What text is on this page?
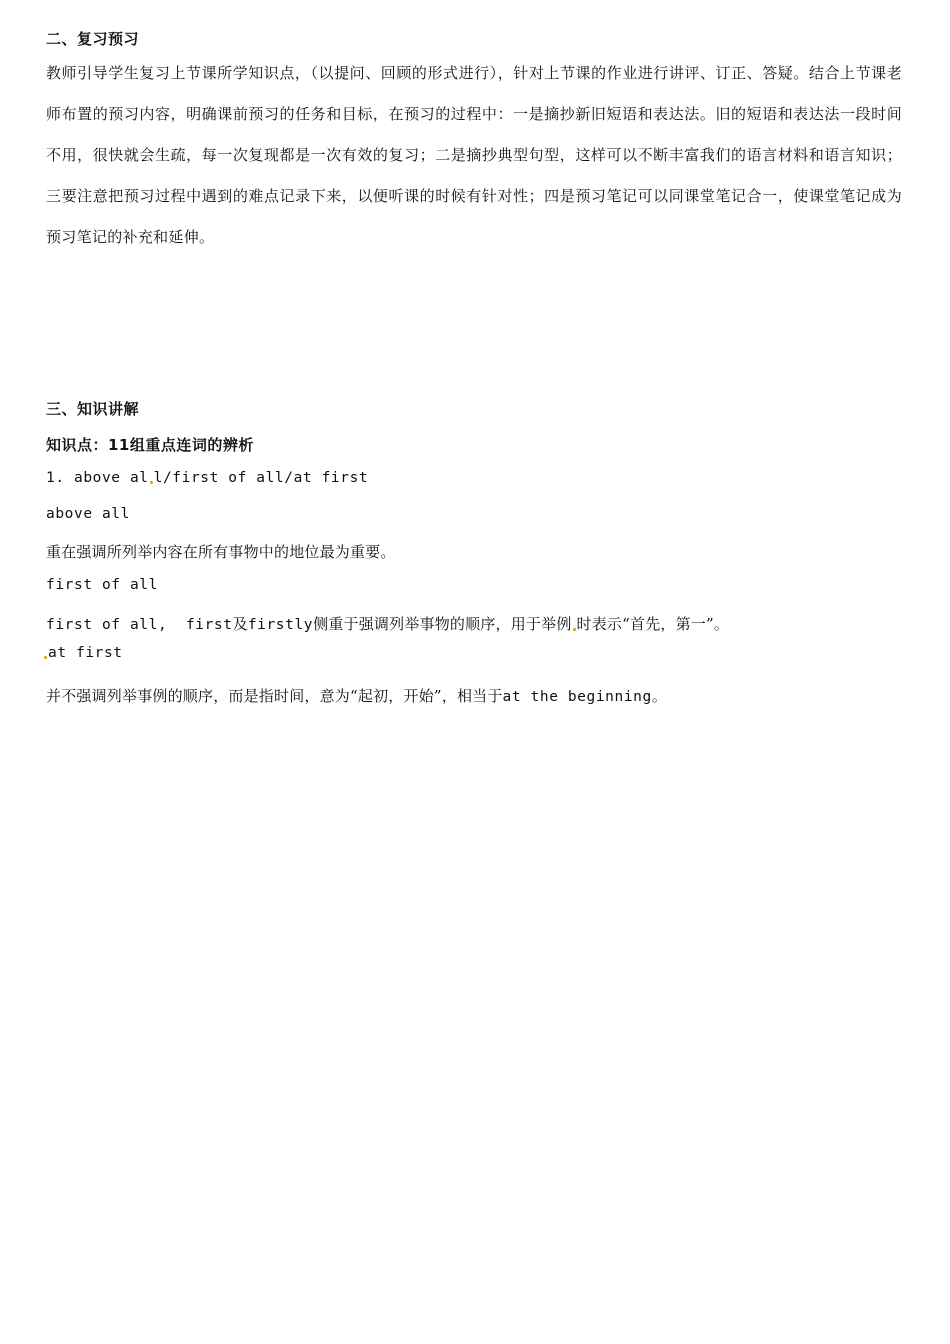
二、复习预习
教师引导学生复习上节课所学知识点，（以提问、回顾的形式进行），针对上节课的作业进行讲评、订正、答疑。结合上节课老师布置的预习内容，明确课前预习的任务和目标，在预习的过程中：一是摘抄新旧短语和表达法。旧的短语和表达法一段时间不用，很快就会生疏，每一次复现都是一次有效的复习；二是摘抄典型句型，这样可以不断丰富我们的语言材料和语言知识；三要注意把预习过程中遇到的难点记录下来，以便听课的时候有针对性；四是预习笔记可以同课堂笔记合一，使课堂笔记成为预习笔记的补充和延伸。
三、知识讲解
知识点：11组重点连词的辨析
1. above al l/first of all/at first
above all
重在强调所列举内容在所有事物中的地位最为重要。
first of all
first of all,  first及firstly侧重于强调列举事物的顺序，用于举例 时表示“首先，第一”。
at first
并不强调列举事例的顺序，而是指时间，意为“起初，开始”，相当于at the beginning。
